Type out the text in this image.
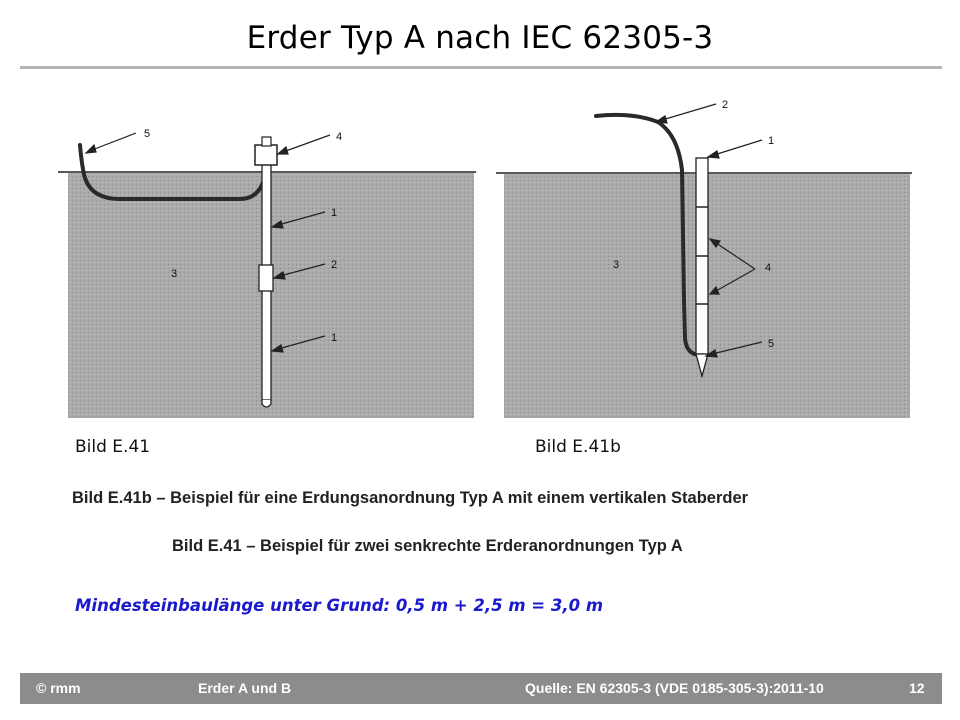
Erder Typ A nach IEC 62305-3
5	4
1
2
1
3
2
1
3	4
5
Bild E.41	Bild E.41b
Bild E.41b – Beispiel für eine Erdungsanordnung Typ A mit einem vertikalen Staberder
Bild E.41 – Beispiel für zwei senkrechte Erderanordnungen Typ A
Mindesteinbaulänge unter Grund: 0,5 m + 2,5 m = 3,0 m
© rmm	Erder A und B	Quelle: EN 62305-3 (VDE 0185-305-3):2011-10	12
